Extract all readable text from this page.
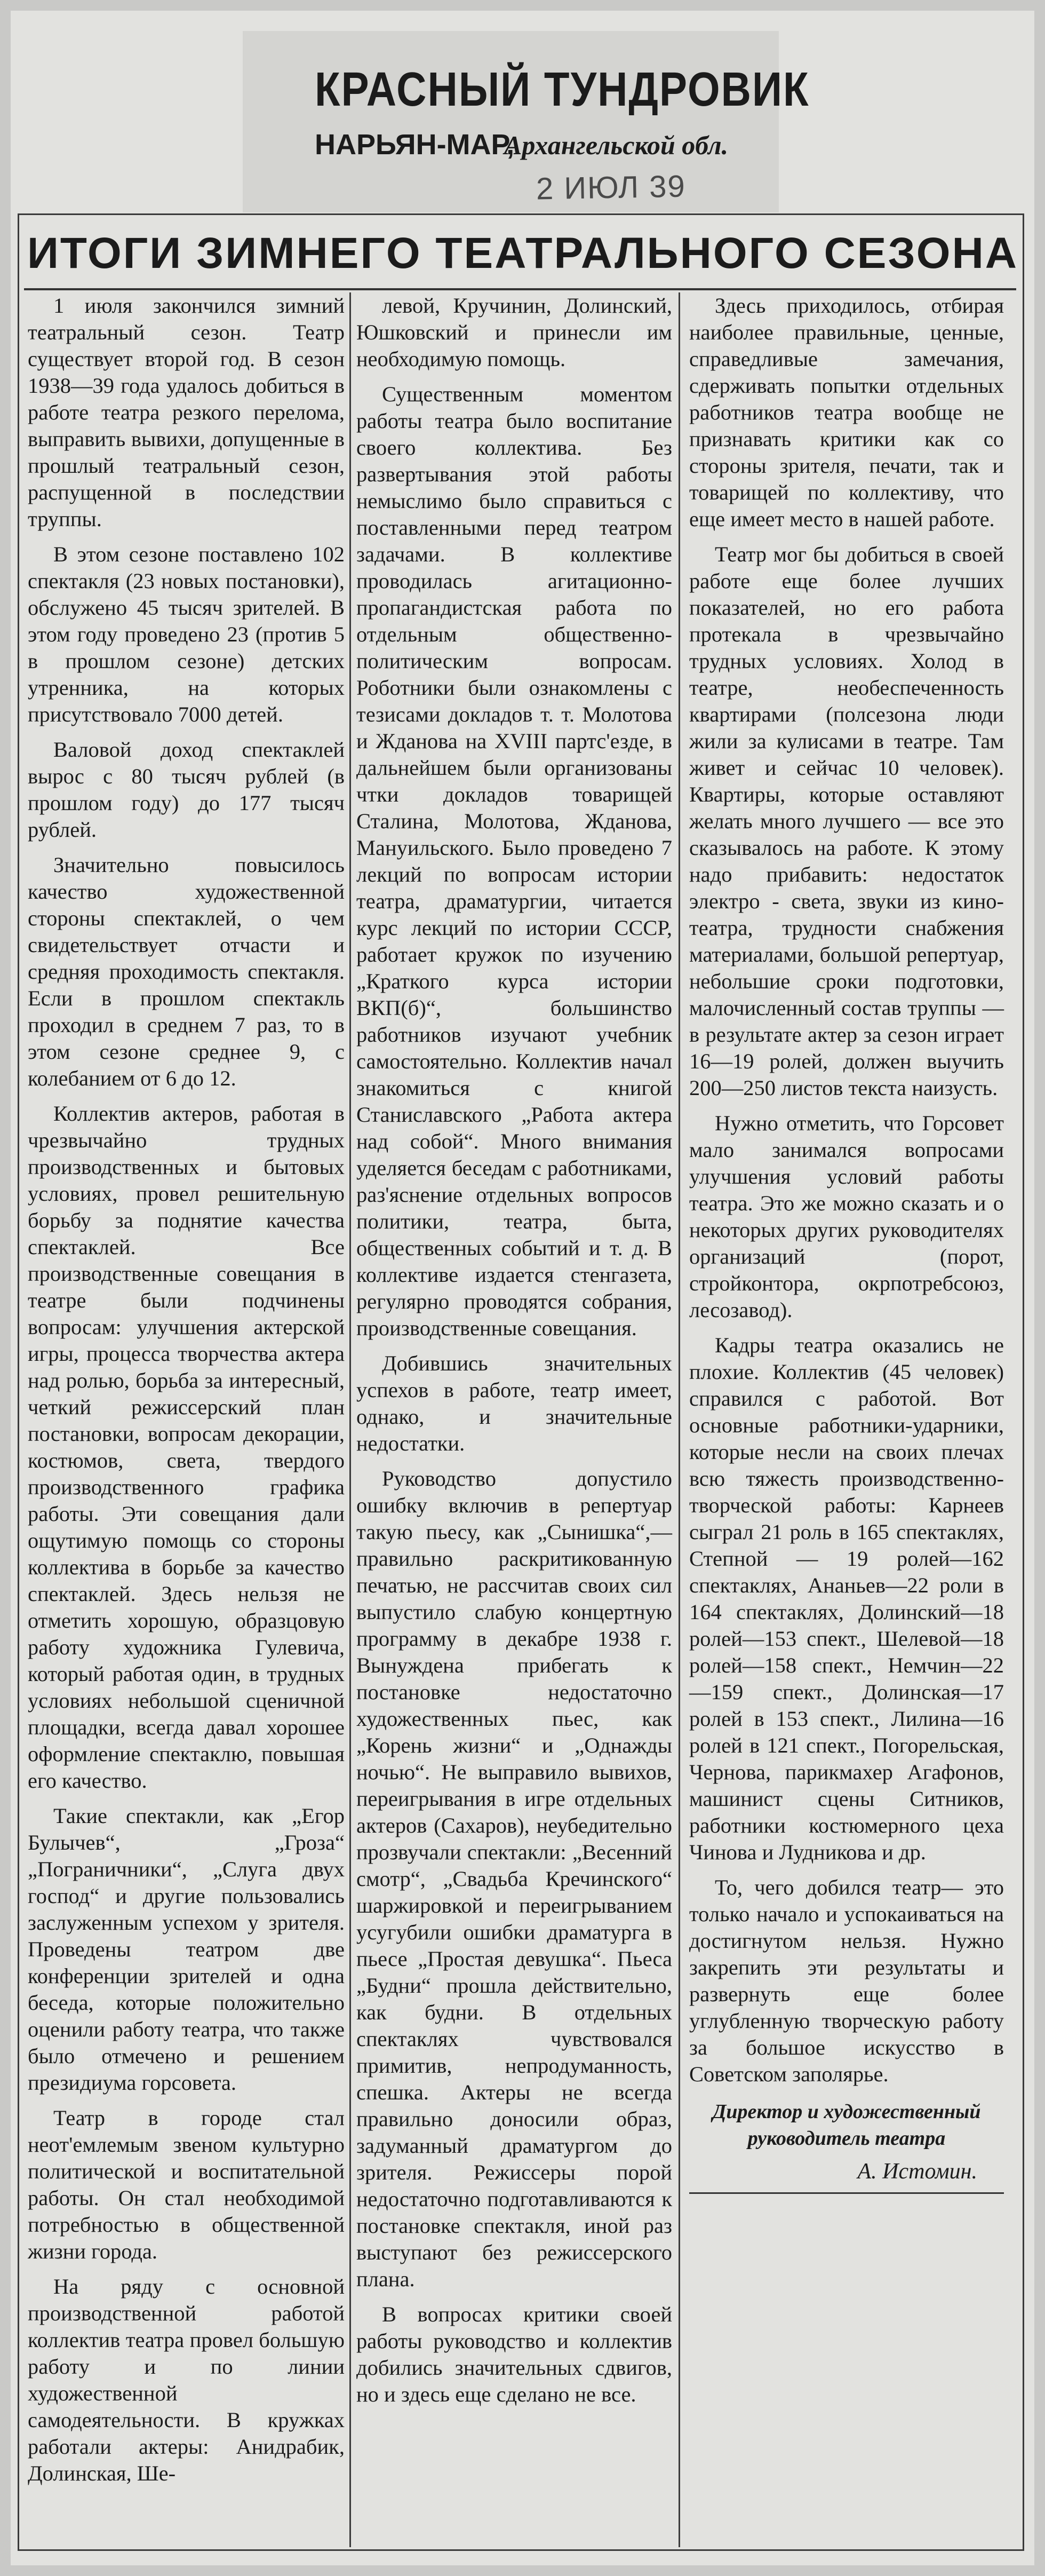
КРАСНЫЙ ТУНДРОВИК
НАРЬЯН-МАР,
Архангельской обл.
2 ИЮЛ 39
ИТОГИ ЗИМНЕГО ТЕАТРАЛЬНОГО СЕЗОНА

1 июля закончился зимний театральный сезон. Театр существует второй год. В сезон 1938—39 года удалось добиться в работе театра резкого перелома, выправить вывихи, допущенные в прошлый театральный сезон, распущенной в последствии труппы.

В этом сезоне поставлено 102 спектакля (23 новых постановки), обслужено 45 тысяч зрителей. В этом году проведено 23 (против 5 в прошлом сезоне) детских утренника, на которых присутствовало 7000 детей.

Валовой доход спектаклей вырос с 80 тысяч рублей (в прошлом году) до 177 тысяч рублей.

Значительно повысилось качество художественной стороны спектаклей, о чем свидетельствует отчасти и средняя проходимость спектакля. Если в прошлом спектакль проходил в среднем 7 раз, то в этом сезоне среднее 9, с колебанием от 6 до 12.

Коллектив актеров, работая в чрезвычайно трудных производственных и бытовых условиях, провел решительную борьбу за поднятие качества спектаклей. Все производственные совещания в театре были подчинены вопросам: улучшения актерской игры, процесса творчества актера над ролью, борьба за интересный, четкий режиссерский план постановки, вопросам декорации, костюмов, света, твердого производственного графика работы. Эти совещания дали ощутимую помощь со стороны коллектива в борьбе за качество спектаклей. Здесь нельзя не отметить хорошую, образцовую работу художника Гулевича, который работая один, в трудных условиях небольшой сценичной площадки, всегда давал хорошее оформление спектаклю, повышая его качество.

Такие спектакли, как „Егор Булычев“, „Гроза“ „Пограничники“, „Слуга двух господ“ и другие пользовались заслуженным успехом у зрителя. Проведены театром две конференции зрителей и одна беседа, которые положительно оценили работу театра, что также было отмечено и решением президиума горсовета.

Театр в городе стал неот'емлемым звеном культурно политической и воспитательной работы. Он стал необходимой потребностью в общественной жизни города.

На ряду с основной производственной работой коллектив театра провел большую работу и по линии художественной самодеятельности. В кружках работали актеры: Анидрабик, Долинская, Ше-

левой, Кручинин, Долинский, Юшковский и принесли им необходимую помощь.

Существенным моментом работы театра было воспитание своего коллектива. Без развертывания этой работы немыслимо было справиться с поставленными перед театром задачами. В коллективе проводилась агитационно-пропагандистская работа по отдельным общественно-политическим вопросам. Роботники были ознакомлены с тезисами докладов т. т. Молотова и Жданова на XVIII партс'езде, в дальнейшем были организованы чтки докладов товарищей Сталина, Молотова, Жданова, Мануильского. Было проведено 7 лекций по вопросам истории театра, драматургии, читается курс лекций по истории СССР, работает кружок по изучению „Краткого курса истории ВКП(б)“, большинство работников изучают учебник самостоятельно. Коллектив начал знакомиться с книгой Станиславского „Работа актера над собой“. Много внимания уделяется беседам с работниками, раз'яснение отдельных вопросов политики, театра, быта, общественных событий и т. д. В коллективе издается стенгазета, регулярно проводятся собрания, производственные совещания.

Добившись значительных успехов в работе, театр имеет, однако, и значительные недостатки.

Руководство допустило ошибку включив в репертуар такую пьесу, как „Сынишка“,—правильно раскритикованную печатью, не рассчитав своих сил выпустило слабую концертную программу в декабре 1938 г. Вынуждена прибегать к постановке недостаточно художественных пьес, как „Корень жизни“ и „Однажды ночью“. Не выправило вывихов, переигрывания в игре отдельных актеров (Сахаров), неубедительно прозвучали спектакли: „Весенний смотр“, „Свадьба Кречинского“ шаржировкой и переигрыванием усугубили ошибки драматурга в пьесе „Простая девушка“. Пьеса „Будни“ прошла действительно, как будни. В отдельных спектаклях чувствовался примитив, непродуманность, спешка. Актеры не всегда правильно доносили образ, задуманный драматургом до зрителя. Режиссеры порой недостаточно подготавливаются к постановке спектакля, иной раз выступают без режиссерского плана.

В вопросах критики своей работы руководство и коллектив добились значительных сдвигов, но и здесь еще сделано не все.

Здесь приходилось, отбирая наиболее правильные, ценные, справедливые замечания, сдерживать попытки отдельных работников театра вообще не признавать критики как со стороны зрителя, печати, так и товарищей по коллективу, что еще имеет место в нашей работе.

Театр мог бы добиться в своей работе еще более лучших показателей, но его работа протекала в чрезвычайно трудных условиях. Холод в театре, необеспеченность квартирами (полсезона люди жили за кулисами в театре. Там живет и сейчас 10 человек). Квартиры, которые оставляют желать много лучшего — все это сказывалось на работе. К этому надо прибавить: недостаток электро - света, звуки из кино-театра, трудности снабжения материалами, большой репертуар, небольшие сроки подготовки, малочисленный состав труппы — в результате актер за сезон играет 16—19 ролей, должен выучить 200—250 листов текста наизусть.

Нужно отметить, что Горсовет мало занимался вопросами улучшения условий работы театра. Это же можно сказать и о некоторых других руководителях организаций (порот, стройконтора, окрпотребсоюз, лесозавод).

Кадры театра оказались не плохие. Коллектив (45 человек) справился с работой. Вот основные работники-ударники, которые несли на своих плечах всю тяжесть производственно-творческой работы: Карнеев сыграл 21 роль в 165 спектаклях, Степной — 19 ролей—162 спектаклях, Ананьев—22 роли в 164 спектаклях, Долинский—18 ролей—153 спект., Шелевой—18 ролей—158 спект., Немчин—22—159 спект., Долинская—17 ролей в 153 спект., Лилина—16 ролей в 121 спект., Погорельская, Чернова, парикмахер Агафонов, машинист сцены Ситников, работники костюмерного цеха Чинова и Лудникова и др.

То, чего добился театр— это только начало и успокаиваться на достигнутом нельзя. Нужно закрепить эти результаты и развернуть еще более углубленную творческую работу за большое искусство в Советском заполярье.

Директор и художественный руководитель театра
А. Истомин.
